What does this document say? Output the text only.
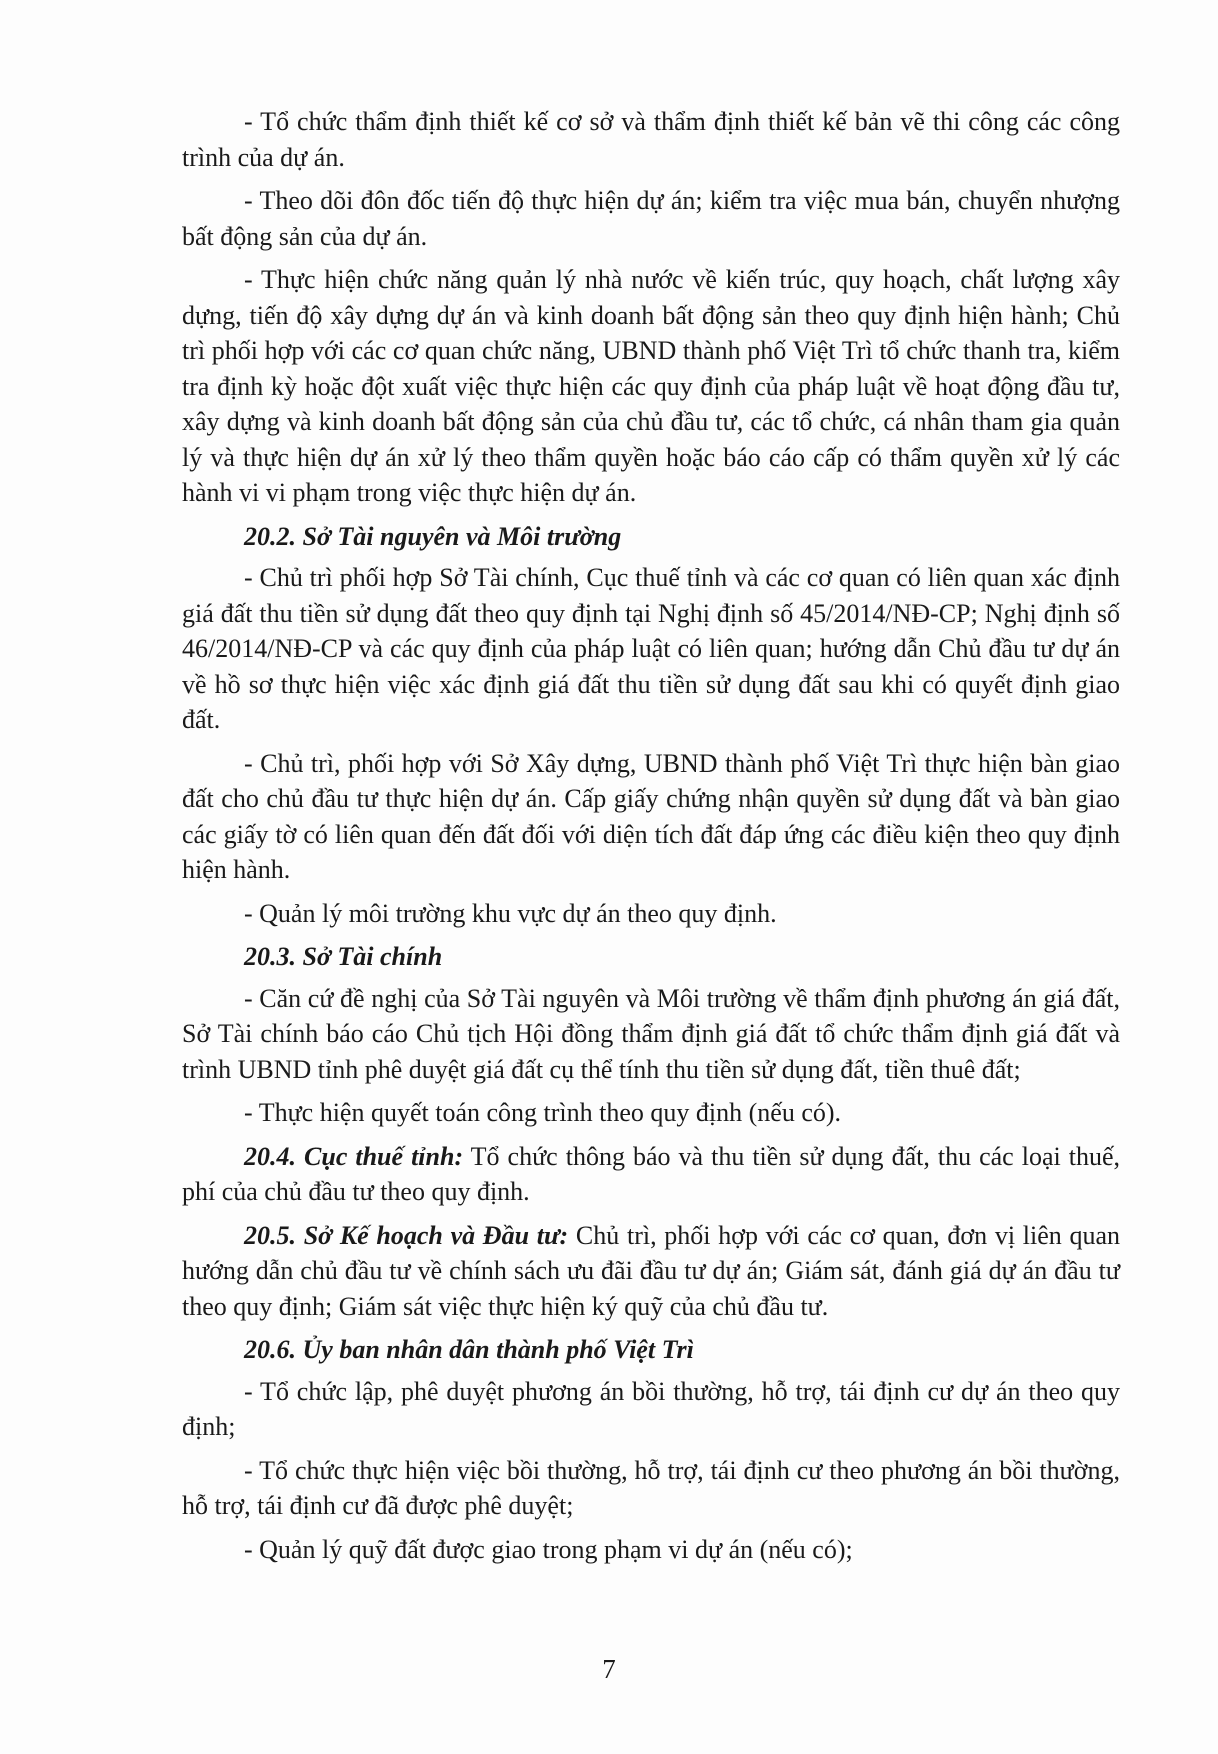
- Tổ chức thẩm định thiết kế cơ sở và thẩm định thiết kế bản vẽ thi công các công trình của dự án.

- Theo dõi đôn đốc tiến độ thực hiện dự án; kiểm tra việc mua bán, chuyển nhượng bất động sản của dự án.

- Thực hiện chức năng quản lý nhà nước về kiến trúc, quy hoạch, chất lượng xây dựng, tiến độ xây dựng dự án và kinh doanh bất động sản theo quy định hiện hành; Chủ trì phối hợp với các cơ quan chức năng, UBND thành phố Việt Trì tổ chức thanh tra, kiểm tra định kỳ hoặc đột xuất việc thực hiện các quy định của pháp luật về hoạt động đầu tư, xây dựng và kinh doanh bất động sản của chủ đầu tư, các tổ chức, cá nhân tham gia quản lý và thực hiện dự án xử lý theo thẩm quyền hoặc báo cáo cấp có thẩm quyền xử lý các hành vi vi phạm trong việc thực hiện dự án.

20.2. Sở Tài nguyên và Môi trường

- Chủ trì phối hợp Sở Tài chính, Cục thuế tỉnh và các cơ quan có liên quan xác định giá đất thu tiền sử dụng đất theo quy định tại Nghị định số 45/2014/NĐ-CP; Nghị định số 46/2014/NĐ-CP và các quy định của pháp luật có liên quan; hướng dẫn Chủ đầu tư dự án về hồ sơ thực hiện việc xác định giá đất thu tiền sử dụng đất sau khi có quyết định giao đất.

- Chủ trì, phối hợp với Sở Xây dựng, UBND thành phố Việt Trì thực hiện bàn giao đất cho chủ đầu tư thực hiện dự án. Cấp giấy chứng nhận quyền sử dụng đất và bàn giao các giấy tờ có liên quan đến đất đối với diện tích đất đáp ứng các điều kiện theo quy định hiện hành.

- Quản lý môi trường khu vực dự án theo quy định.

20.3. Sở Tài chính

- Căn cứ đề nghị của Sở Tài nguyên và Môi trường về thẩm định phương án giá đất, Sở Tài chính báo cáo Chủ tịch Hội đồng thẩm định giá đất tổ chức thẩm định giá đất và trình UBND tỉnh phê duyệt giá đất cụ thể tính thu tiền sử dụng đất, tiền thuê đất;

- Thực hiện quyết toán công trình theo quy định (nếu có).

20.4. Cục thuế tỉnh: Tổ chức thông báo và thu tiền sử dụng đất, thu các loại thuế, phí của chủ đầu tư theo quy định.

20.5. Sở Kế hoạch và Đầu tư: Chủ trì, phối hợp với các cơ quan, đơn vị liên quan hướng dẫn chủ đầu tư về chính sách ưu đãi đầu tư dự án; Giám sát, đánh giá dự án đầu tư theo quy định; Giám sát việc thực hiện ký quỹ của chủ đầu tư.

20.6. Ủy ban nhân dân thành phố Việt Trì

- Tổ chức lập, phê duyệt phương án bồi thường, hỗ trợ, tái định cư dự án theo quy định;

- Tổ chức thực hiện việc bồi thường, hỗ trợ, tái định cư theo phương án bồi thường, hỗ trợ, tái định cư đã được phê duyệt;

- Quản lý quỹ đất được giao trong phạm vi dự án (nếu có);

7
